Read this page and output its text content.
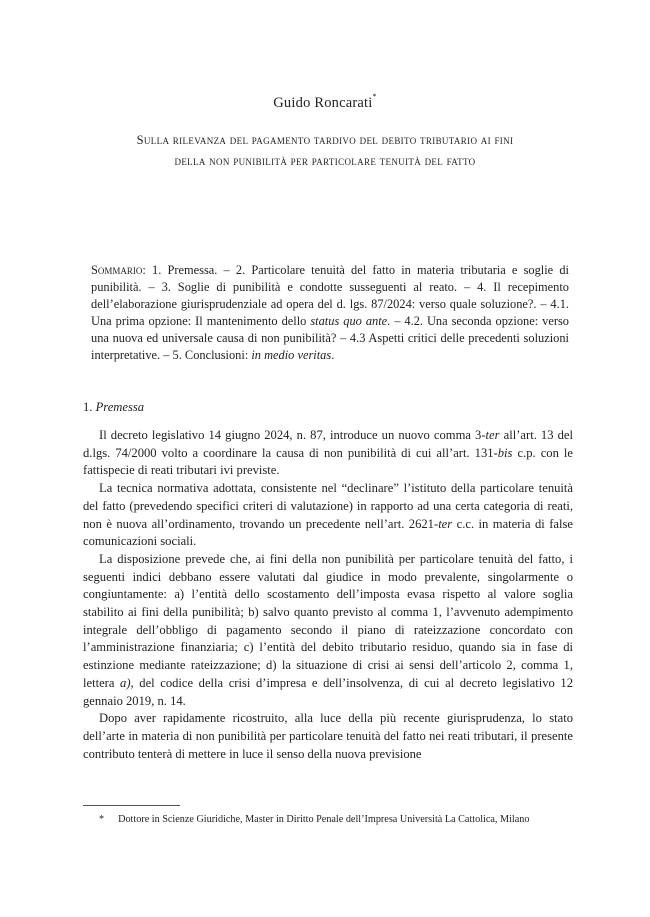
Guido Roncarati*
Sulla rilevanza del pagamento tardivo del debito tributario ai fini
della non punibilità per particolare tenuità del fatto
Sommario: 1. Premessa. – 2. Particolare tenuità del fatto in materia tributaria e soglie di punibilità. – 3. Soglie di punibilità e condotte susseguenti al reato. – 4. Il recepimento dell’elaborazione giurisprudenziale ad opera del d. lgs. 87/2024: verso quale soluzione?. – 4.1. Una prima opzione: Il mantenimento dello status quo ante. – 4.2. Una seconda opzione: verso una nuova ed universale causa di non punibilità? – 4.3 Aspetti critici delle precedenti soluzioni interpretative. – 5. Conclusioni: in medio veritas.
1. Premessa

Il decreto legislativo 14 giugno 2024, n. 87, introduce un nuovo comma 3-ter all’art. 13 del d.lgs. 74/2000 volto a coordinare la causa di non punibilità di cui all’art. 131-bis c.p. con le fattispecie di reati tributari ivi previste.

La tecnica normativa adottata, consistente nel “declinare” l’istituto della particolare tenuità del fatto (prevedendo specifici criteri di valutazione) in rapporto ad una certa categoria di reati, non è nuova all’ordinamento, trovando un precedente nell’art. 2621-ter c.c. in materia di false comunicazioni sociali.

La disposizione prevede che, ai fini della non punibilità per particolare tenuità del fatto, i seguenti indici debbano essere valutati dal giudice in modo prevalente, singolarmente o congiuntamente: a) l’entità dello scostamento dell’imposta evasa rispetto al valore soglia stabilito ai fini della punibilità; b) salvo quanto previsto al comma 1, l’avvenuto adempimento integrale dell’obbligo di pagamento secondo il piano di rateizzazione concordato con l’amministrazione finanziaria; c) l’entità del debito tributario residuo, quando sia in fase di estinzione mediante rateizzazione; d) la situazione di crisi ai sensi dell’articolo 2, comma 1, lettera a), del codice della crisi d’impresa e dell’insolvenza, di cui al decreto legislativo 12 gennaio 2019, n. 14.

Dopo aver rapidamente ricostruito, alla luce della più recente giurisprudenza, lo stato dell’arte in materia di non punibilità per particolare tenuità del fatto nei reati tributari, il presente contributo tenterà di mettere in luce il senso della nuova previsione

* Dottore in Scienze Giuridiche, Master in Diritto Penale dell’Impresa Università La Cattolica, Milano
